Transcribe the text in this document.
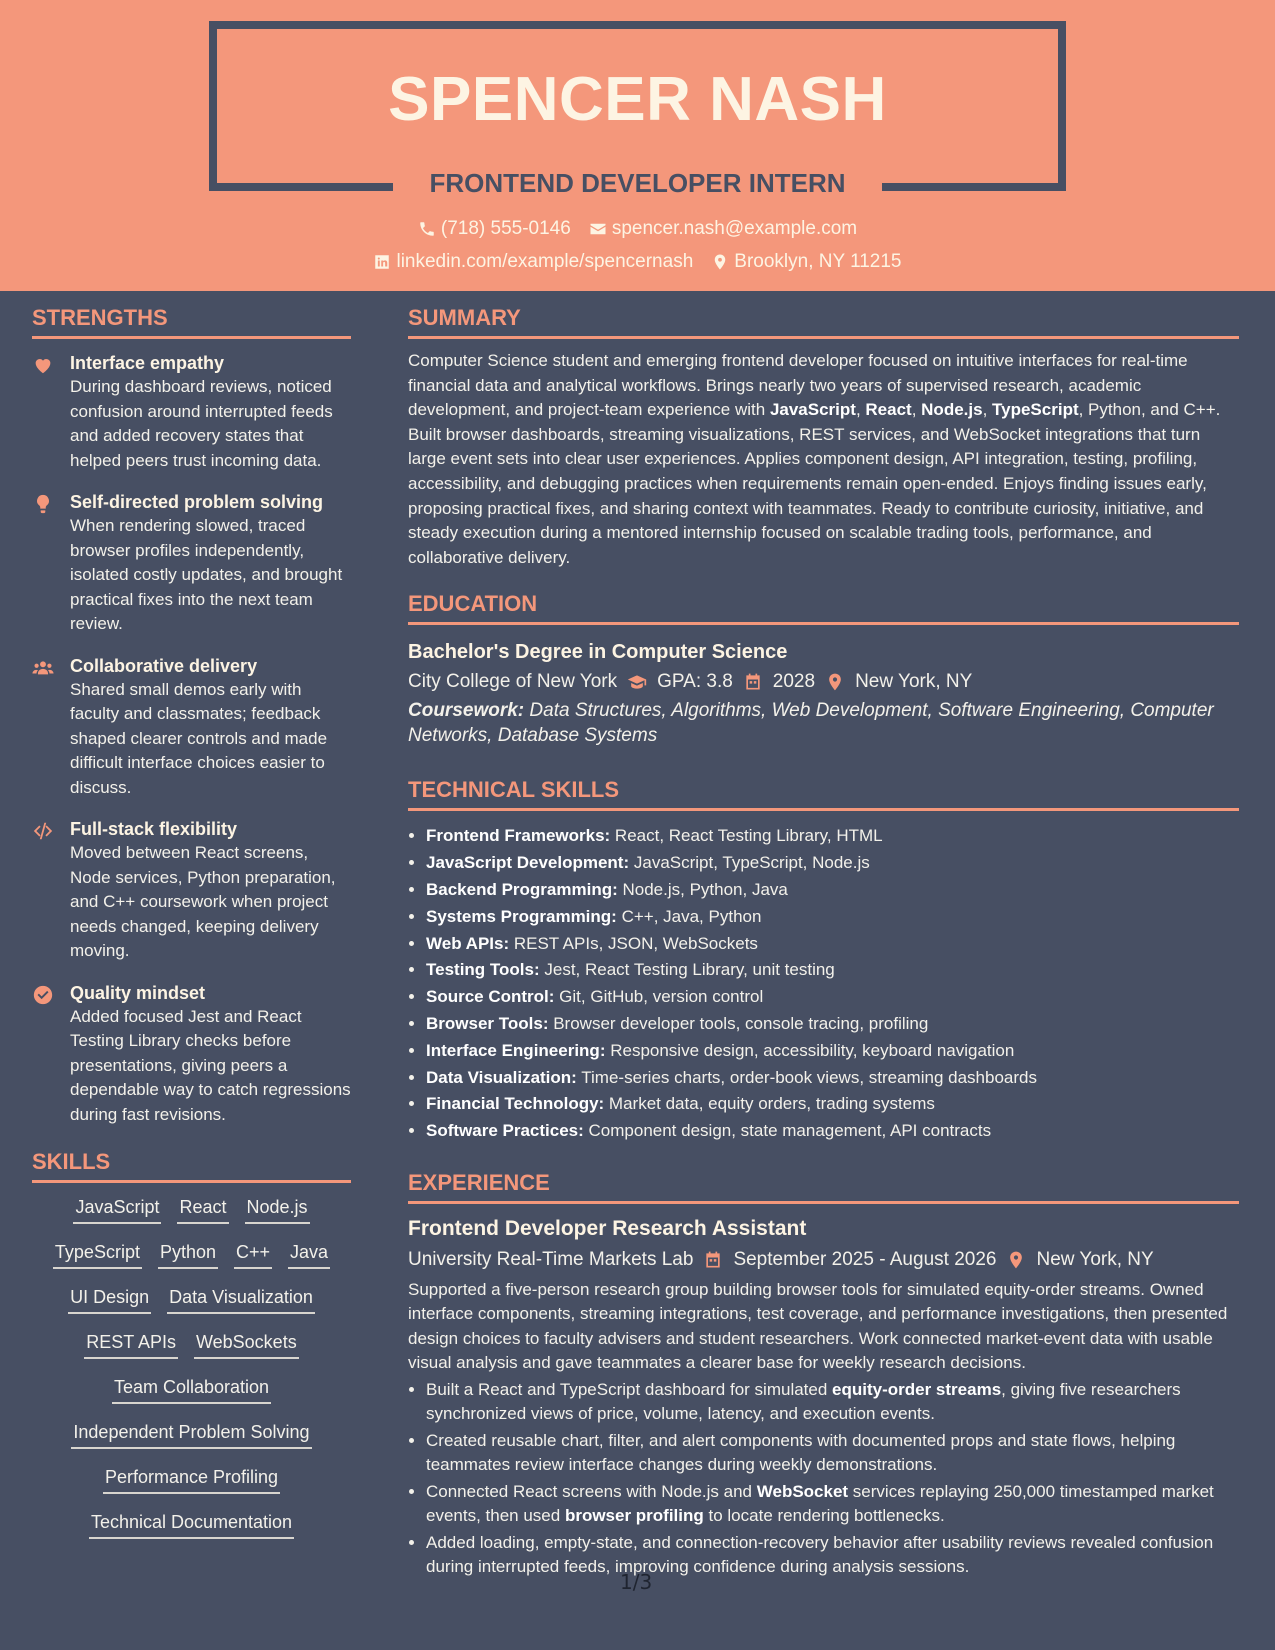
SPENCER NASH
FRONTEND DEVELOPER INTERN
(718) 555-0146 spencer.nash@example.com
linkedin.com/example/spencernash Brooklyn, NY 11215
STRENGTHS
Interface empathy
During dashboard reviews, noticed confusion around interrupted feeds and added recovery states that helped peers trust incoming data.
Self-directed problem solving
When rendering slowed, traced browser profiles independently, isolated costly updates, and brought practical fixes into the next team review.
Collaborative delivery
Shared small demos early with faculty and classmates; feedback shaped clearer controls and made difficult interface choices easier to discuss.
Full-stack flexibility
Moved between React screens, Node services, Python preparation, and C++ coursework when project needs changed, keeping delivery moving.
Quality mindset
Added focused Jest and React Testing Library checks before presentations, giving peers a dependable way to catch regressions during fast revisions.
SKILLS
JavaScript React Node.js
TypeScript Python C++ Java
UI Design Data Visualization
REST APIs WebSockets
Team Collaboration
Independent Problem Solving
Performance Profiling
Technical Documentation
SUMMARY
Computer Science student and emerging frontend developer focused on intuitive interfaces for real-time financial data and analytical workflows. Brings nearly two years of supervised research, academic development, and project-team experience with JavaScript, React, Node.js, TypeScript, Python, and C++. Built browser dashboards, streaming visualizations, REST services, and WebSocket integrations that turn large event sets into clear user experiences. Applies component design, API integration, testing, profiling, accessibility, and debugging practices when requirements remain open-ended. Enjoys finding issues early, proposing practical fixes, and sharing context with teammates. Ready to contribute curiosity, initiative, and steady execution during a mentored internship focused on scalable trading tools, performance, and collaborative delivery.
EDUCATION
Bachelor's Degree in Computer Science
City College of New York GPA: 3.8 2028 New York, NY
Coursework: Data Structures, Algorithms, Web Development, Software Engineering, Computer Networks, Database Systems
TECHNICAL SKILLS
• Frontend Frameworks: React, React Testing Library, HTML
• JavaScript Development: JavaScript, TypeScript, Node.js
• Backend Programming: Node.js, Python, Java
• Systems Programming: C++, Java, Python
• Web APIs: REST APIs, JSON, WebSockets
• Testing Tools: Jest, React Testing Library, unit testing
• Source Control: Git, GitHub, version control
• Browser Tools: Browser developer tools, console tracing, profiling
• Interface Engineering: Responsive design, accessibility, keyboard navigation
• Data Visualization: Time-series charts, order-book views, streaming dashboards
• Financial Technology: Market data, equity orders, trading systems
• Software Practices: Component design, state management, API contracts
EXPERIENCE
Frontend Developer Research Assistant
University Real-Time Markets Lab September 2025 - August 2026 New York, NY
Supported a five-person research group building browser tools for simulated equity-order streams. Owned interface components, streaming integrations, test coverage, and performance investigations, then presented design choices to faculty advisers and student researchers. Work connected market-event data with usable visual analysis and gave teammates a clearer base for weekly research decisions.
• Built a React and TypeScript dashboard for simulated equity-order streams, giving five researchers synchronized views of price, volume, latency, and execution events.
• Created reusable chart, filter, and alert components with documented props and state flows, helping teammates review interface changes during weekly demonstrations.
• Connected React screens with Node.js and WebSocket services replaying 250,000 timestamped market events, then used browser profiling to locate rendering bottlenecks.
• Added loading, empty-state, and connection-recovery behavior after usability reviews revealed confusion during interrupted feeds, improving confidence during analysis sessions.
1/3
